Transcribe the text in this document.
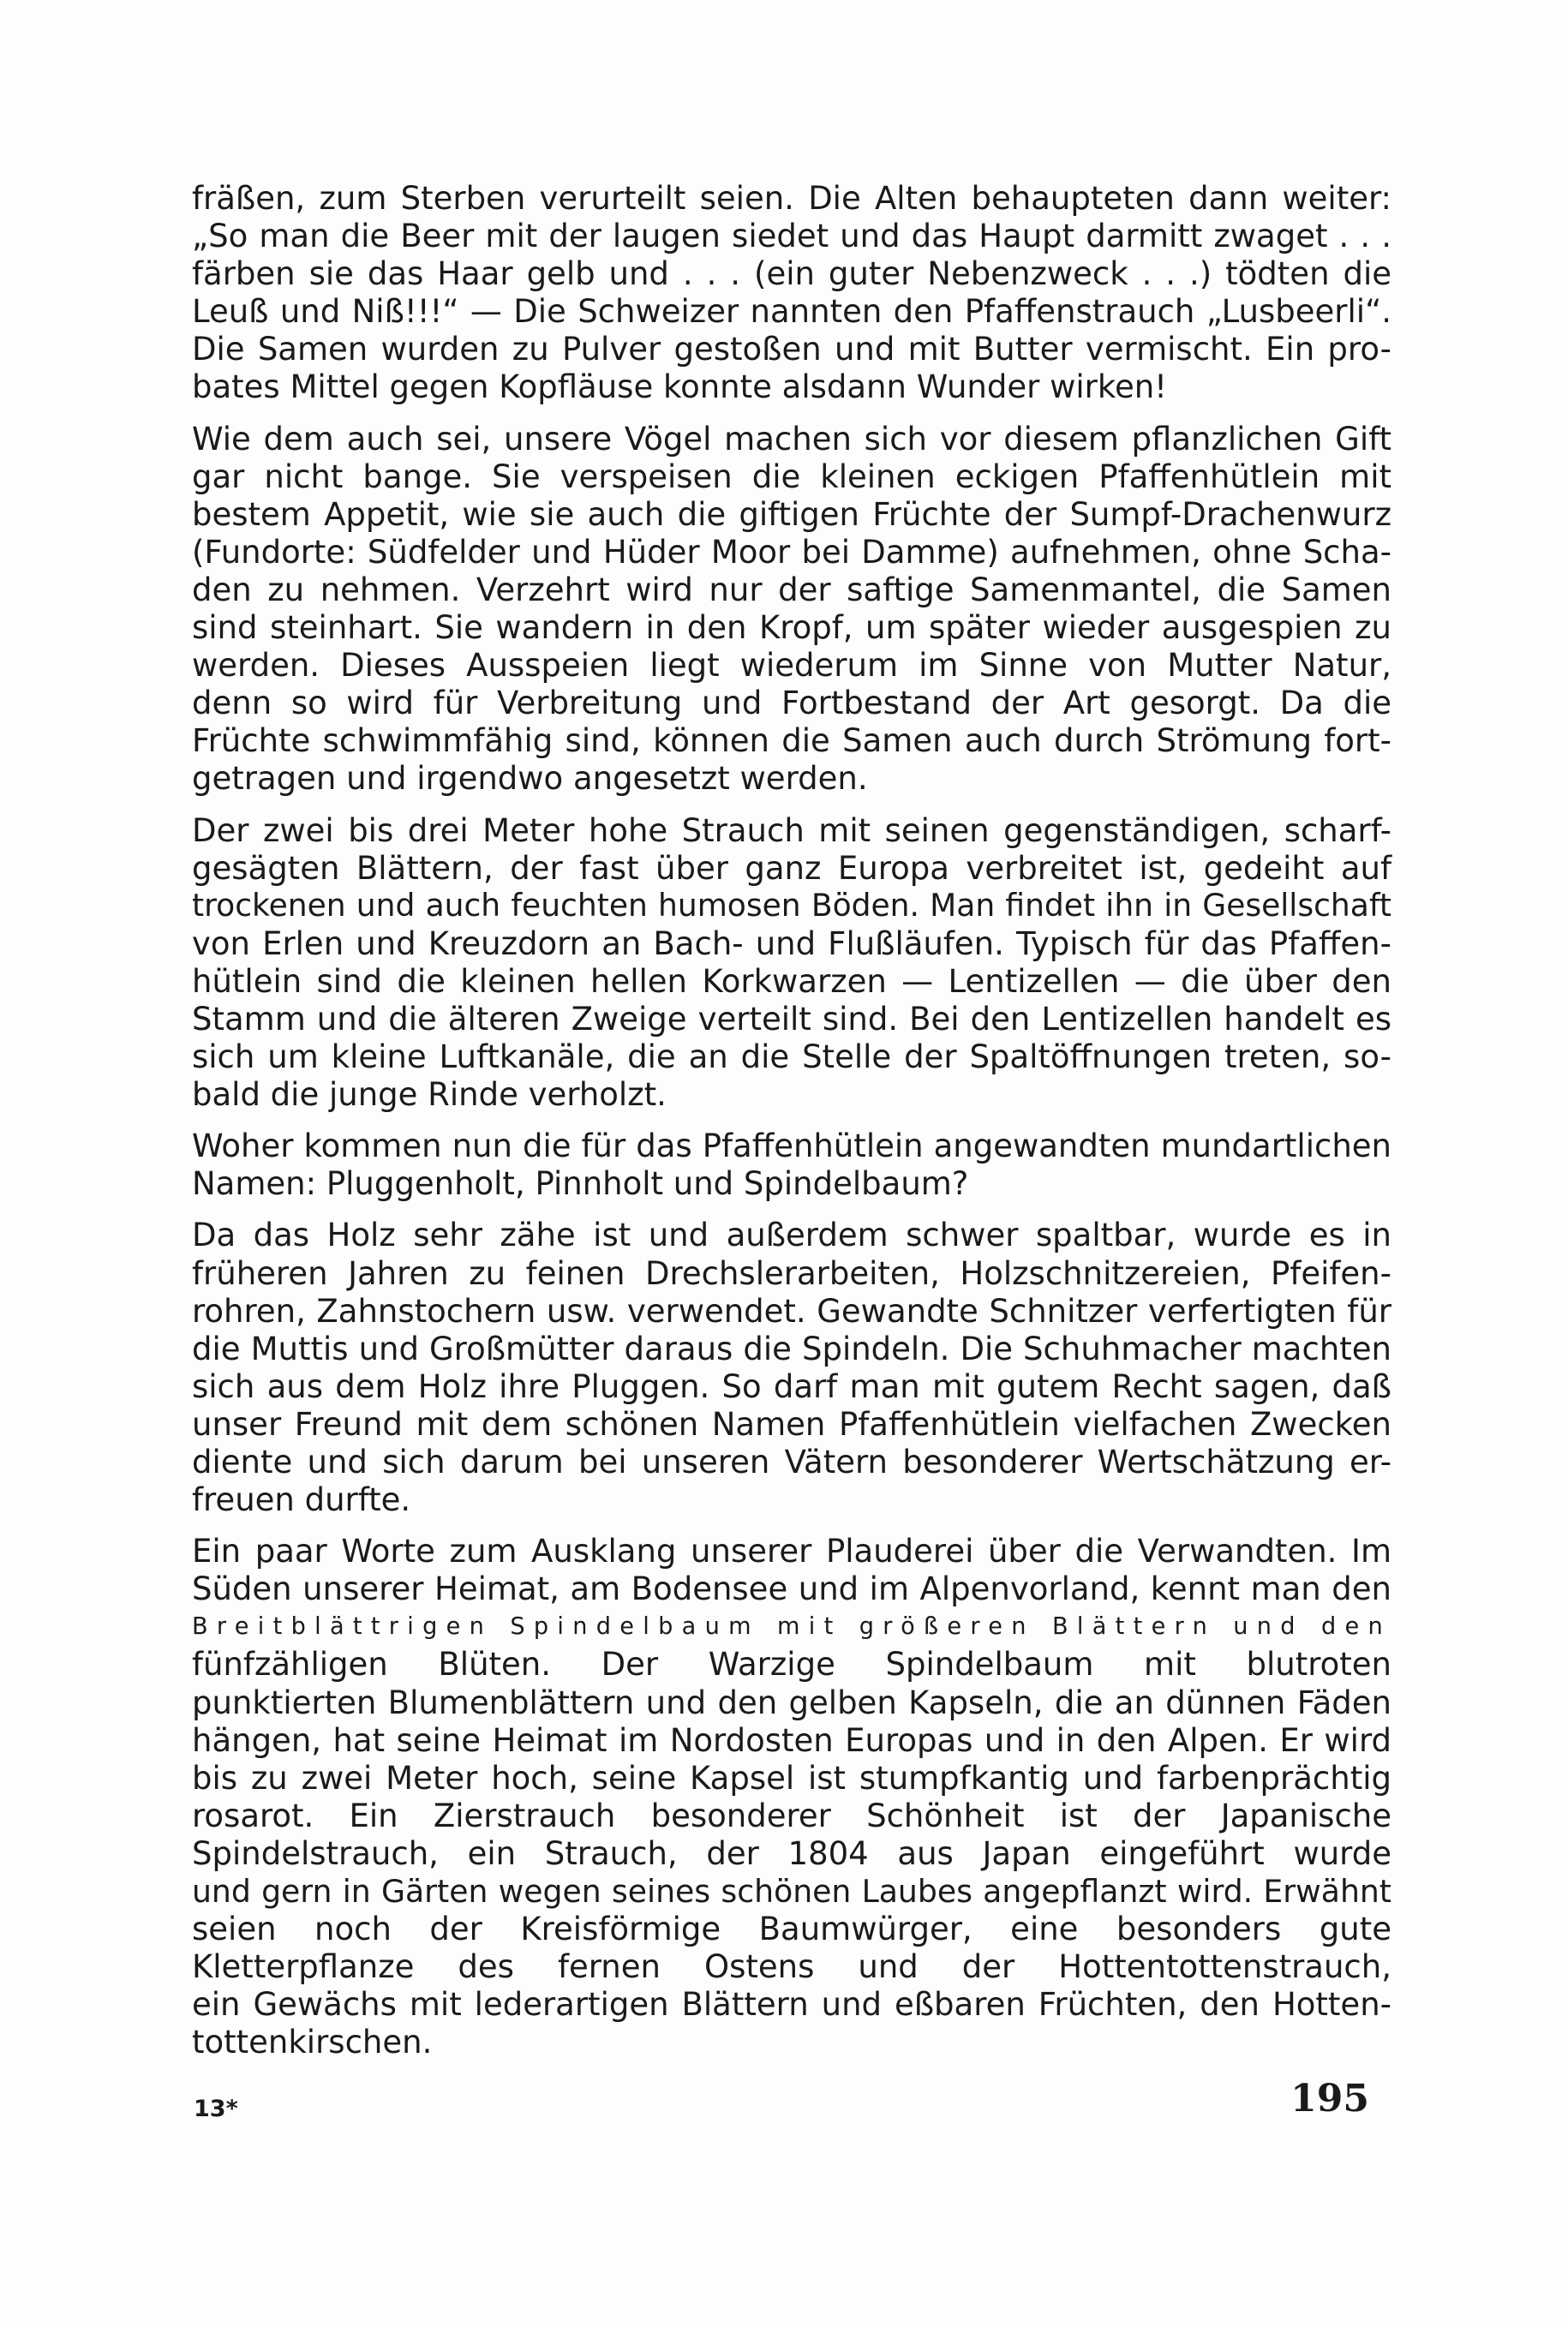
fräßen, zum Sterben verurteilt seien. Die Alten behaupteten dann weiter:
„So man die Beer mit der laugen siedet und das Haupt darmitt zwaget . . .
färben sie das Haar gelb und . . . (ein guter Nebenzweck . . .) tödten die
Leuß und Niß!!!“ — Die Schweizer nannten den Pfaffenstrauch „Lusbeerli“.
Die Samen wurden zu Pulver gestoßen und mit Butter vermischt. Ein pro-
bates Mittel gegen Kopfläuse konnte alsdann Wunder wirken!

Wie dem auch sei, unsere Vögel machen sich vor diesem pflanzlichen Gift
gar nicht bange. Sie verspeisen die kleinen eckigen Pfaffenhütlein mit
bestem Appetit, wie sie auch die giftigen Früchte der Sumpf-Drachenwurz
(Fundorte: Südfelder und Hüder Moor bei Damme) aufnehmen, ohne Scha-
den zu nehmen. Verzehrt wird nur der saftige Samenmantel, die Samen
sind steinhart. Sie wandern in den Kropf, um später wieder ausgespien zu
werden. Dieses Ausspeien liegt wiederum im Sinne von Mutter Natur,
denn so wird für Verbreitung und Fortbestand der Art gesorgt. Da die
Früchte schwimmfähig sind, können die Samen auch durch Strömung fort-
getragen und irgendwo angesetzt werden.

Der zwei bis drei Meter hohe Strauch mit seinen gegenständigen, scharf-
gesägten Blättern, der fast über ganz Europa verbreitet ist, gedeiht auf
trockenen und auch feuchten humosen Böden. Man findet ihn in Gesellschaft
von Erlen und Kreuzdorn an Bach- und Flußläufen. Typisch für das Pfaffen-
hütlein sind die kleinen hellen Korkwarzen — Lentizellen — die über den
Stamm und die älteren Zweige verteilt sind. Bei den Lentizellen handelt es
sich um kleine Luftkanäle, die an die Stelle der Spaltöffnungen treten, so-
bald die junge Rinde verholzt.

Woher kommen nun die für das Pfaffenhütlein angewandten mundartlichen
Namen: Pluggenholt, Pinnholt und Spindelbaum?

Da das Holz sehr zähe ist und außerdem schwer spaltbar, wurde es in
früheren Jahren zu feinen Drechslerarbeiten, Holzschnitzereien, Pfeifen-
rohren, Zahnstochern usw. verwendet. Gewandte Schnitzer verfertigten für
die Muttis und Großmütter daraus die Spindeln. Die Schuhmacher machten
sich aus dem Holz ihre Pluggen. So darf man mit gutem Recht sagen, daß
unser Freund mit dem schönen Namen Pfaffenhütlein vielfachen Zwecken
diente und sich darum bei unseren Vätern besonderer Wertschätzung er-
freuen durfte.

Ein paar Worte zum Ausklang unserer Plauderei über die Verwandten. Im
Süden unserer Heimat, am Bodensee und im Alpenvorland, kennt man den
Breitblättrigen Spindelbaum mit größeren Blättern und den
fünfzähligen Blüten. Der Warzige Spindelbaum mit blutroten
punktierten Blumenblättern und den gelben Kapseln, die an dünnen Fäden
hängen, hat seine Heimat im Nordosten Europas und in den Alpen. Er wird
bis zu zwei Meter hoch, seine Kapsel ist stumpfkantig und farbenprächtig
rosarot. Ein Zierstrauch besonderer Schönheit ist der Japanische
Spindelstrauch, ein Strauch, der 1804 aus Japan eingeführt wurde
und gern in Gärten wegen seines schönen Laubes angepflanzt wird. Erwähnt
seien noch der Kreisförmige Baumwürger, eine besonders gute
Kletterpflanze des fernen Ostens und der Hottentottenstrauch,
ein Gewächs mit lederartigen Blättern und eßbaren Früchten, den Hotten-
tottenkirschen.

13*	195
